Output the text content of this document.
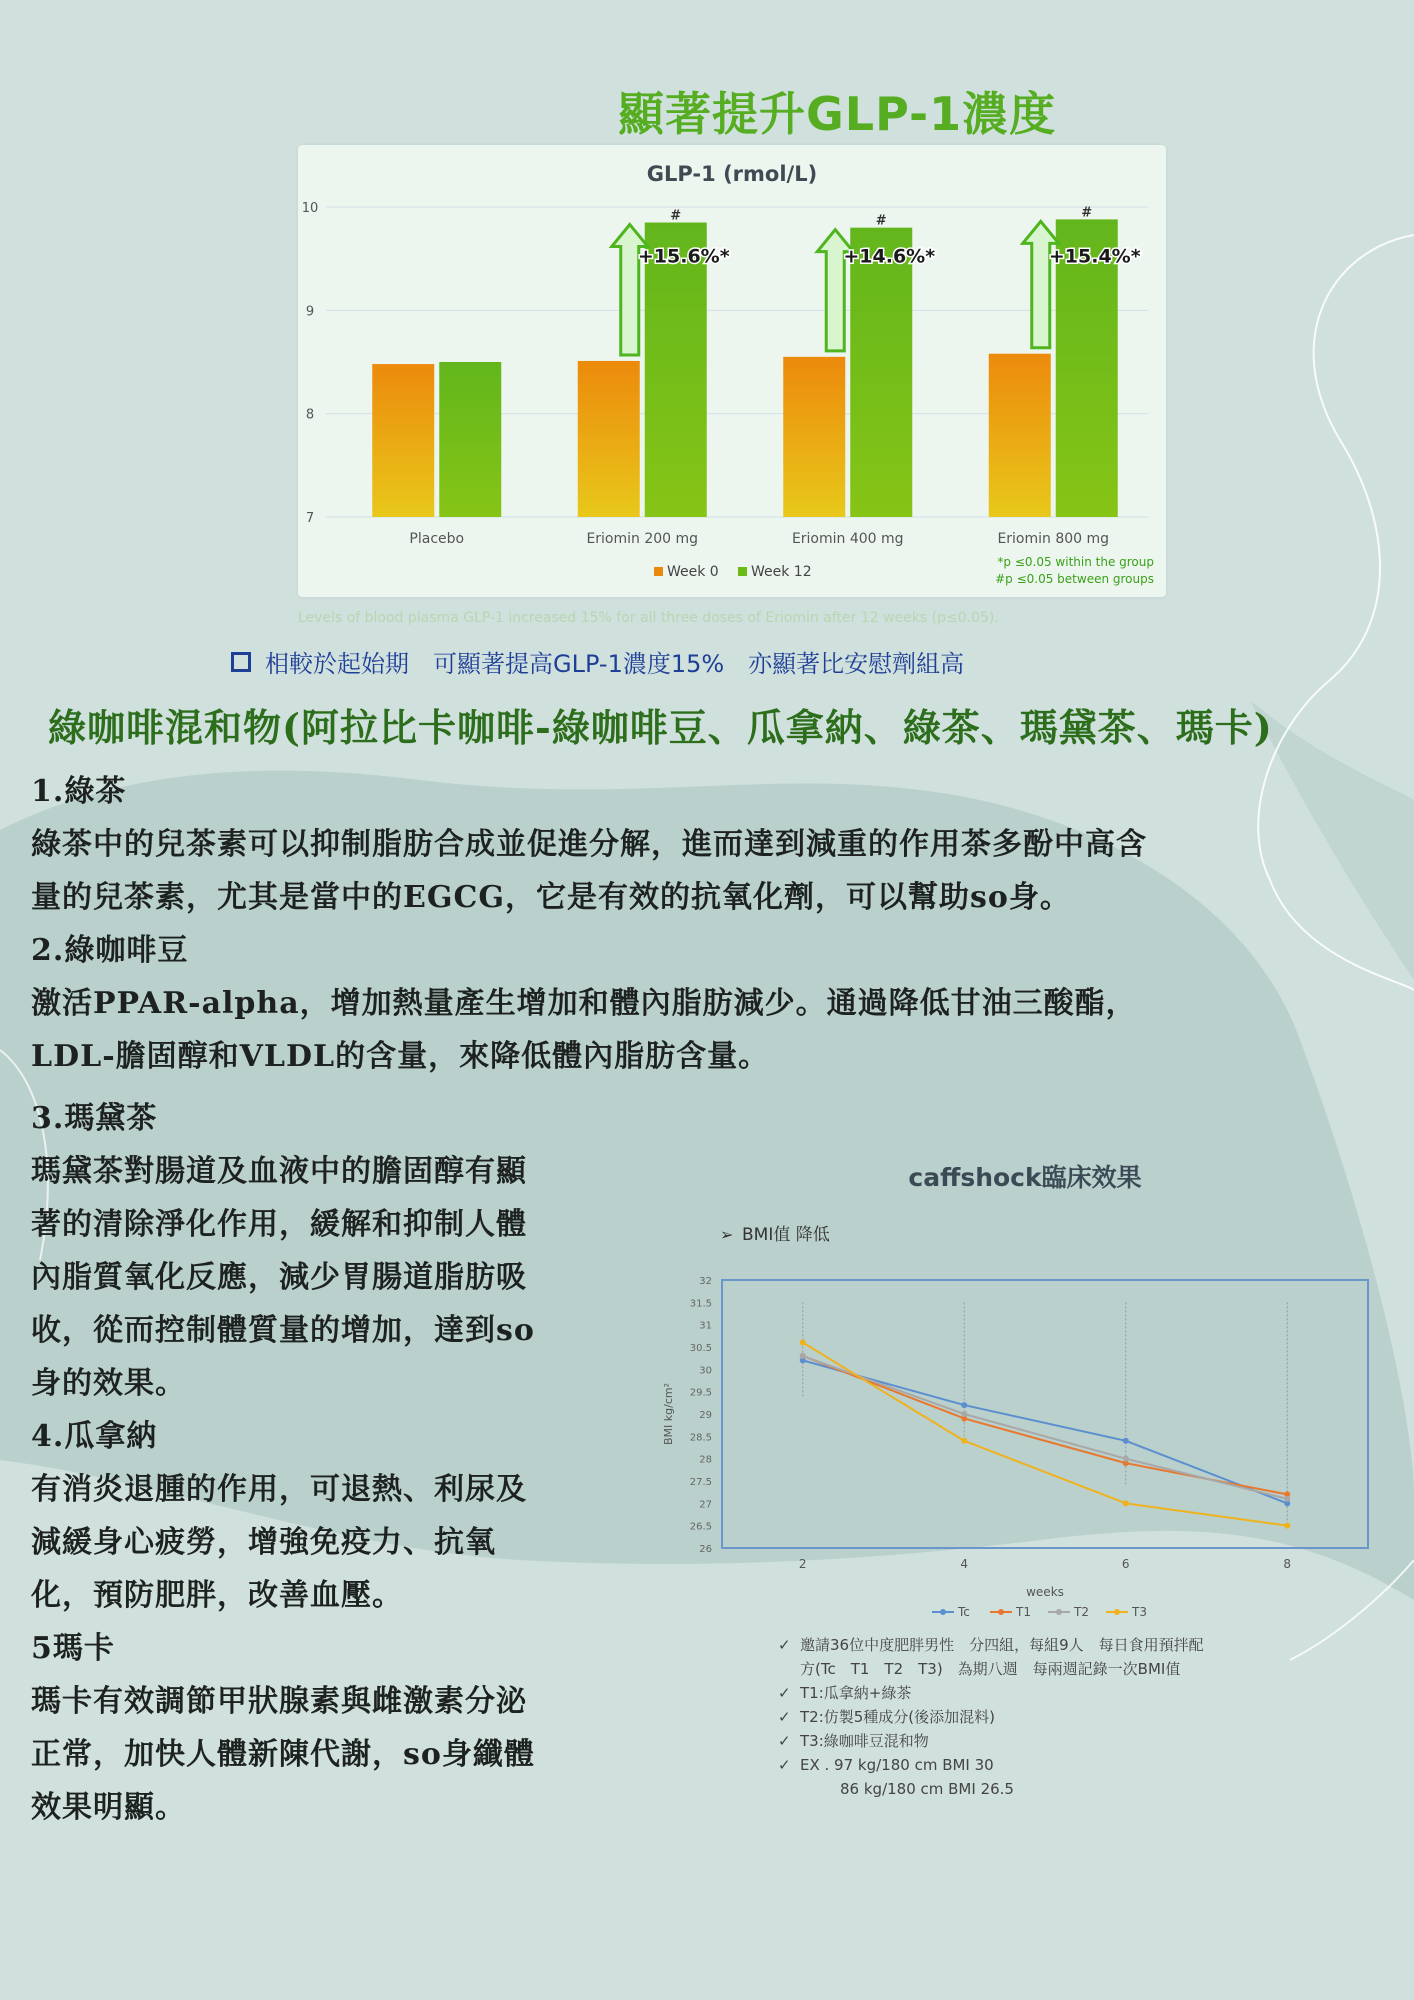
顯著提升GLP-1濃度
GLP-1 (rmol/L)
7
8
9
10
Placebo	Eriomin 200 mg
#
+15.6%*
Eriomin 400 mg
#
+14.6%*
Eriomin 800 mg
#
+15.4%*
Week 0 Week 12
*p ≤0.05 within the group
#p ≤0.05 between groups
Levels of blood plasma GLP-1 increased 15% for all three doses of Eriomin after 12 weeks (p≤0.05).
相較於起始期　可顯著提高GLP-1濃度15%　亦顯著比安慰劑組高
綠咖啡混和物(阿拉比卡咖啡-綠咖啡豆、瓜拿納、綠茶、瑪黛茶、瑪卡)
1.綠茶
綠茶中的兒茶素可以抑制脂肪合成並促進分解，進而達到減重的作用茶多酚中高含
量的兒茶素，尤其是當中的EGCG，它是有效的抗氧化劑，可以幫助so身。
2.綠咖啡豆
激活PPAR-alpha，增加熱量產生增加和體內脂肪減少。通過降低甘油三酸酯，
LDL-膽固醇和VLDL的含量，來降低體內脂肪含量。
3.瑪黛茶
瑪黛茶對腸道及血液中的膽固醇有顯
著的清除淨化作用，緩解和抑制人體
內脂質氧化反應，減少胃腸道脂肪吸
收，從而控制體質量的增加，達到so
身的效果。
4.瓜拿納
有消炎退腫的作用，可退熱、利尿及
減緩身心疲勞，增強免疫力、抗氧
化，預防肥胖，改善血壓。
5瑪卡
瑪卡有效調節甲狀腺素與雌激素分泌
正常，加快人體新陳代謝，so身纖體
效果明顯。
caffshock臨床效果
➢ BMI值 降低
26
26.5
27
27.5
28
28.5
29
29.5
30
30.5
31
31.5
32
2	4	6	8
weeks
BMI kg/cm²
Tc	T1	T2	T3
✓ 邀請36位中度肥胖男性　分四組，每組9人　每日食用預拌配
方(Tc　T1　T2　T3)　為期八週　每兩週記錄一次BMI值
✓ T1:瓜拿納+綠茶
✓ T2:仿製5種成分(後添加混料)
✓ T3:綠咖啡豆混和物
✓ EX . 97 kg/180 cm BMI 30
86 kg/180 cm BMI 26.5
